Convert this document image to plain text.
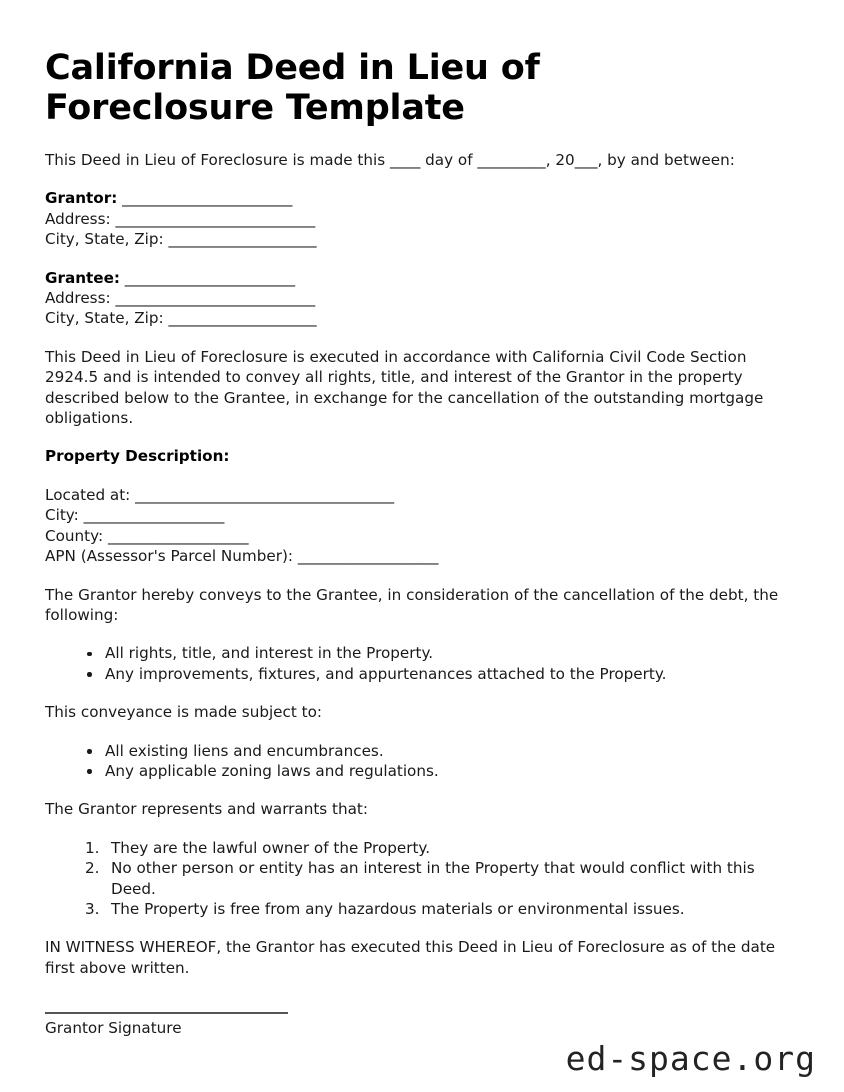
California Deed in Lieu of Foreclosure Template

This Deed in Lieu of Foreclosure is made this ____ day of _________, 20___, by and between:

Grantor: _______________________
Address: ___________________________
City, State, Zip: ____________________
Grantee: _______________________
Address: ___________________________
City, State, Zip: ____________________

This Deed in Lieu of Foreclosure is executed in accordance with California Civil Code Section 2924.5 and is intended to convey all rights, title, and interest of the Grantor in the property described below to the Grantee, in exchange for the cancellation of the outstanding mortgage obligations.

Property Description:
Located at: ___________________________________
City: ___________________
County: ___________________
APN (Assessor's Parcel Number): ___________________

The Grantor hereby conveys to the Grantee, in consideration of the cancellation of the debt, the following:

All rights, title, and interest in the Property.
Any improvements, fixtures, and appurtenances attached to the Property.

This conveyance is made subject to:

All existing liens and encumbrances.
Any applicable zoning laws and regulations.

The Grantor represents and warrants that:

They are the lawful owner of the Property.
No other person or entity has an interest in the Property that would conflict with this Deed.
The Property is free from any hazardous materials or environmental issues.

IN WITNESS WHEREOF, the Grantor has executed this Deed in Lieu of Foreclosure as of the date first above written.

Grantor Signature
ed-space.org
